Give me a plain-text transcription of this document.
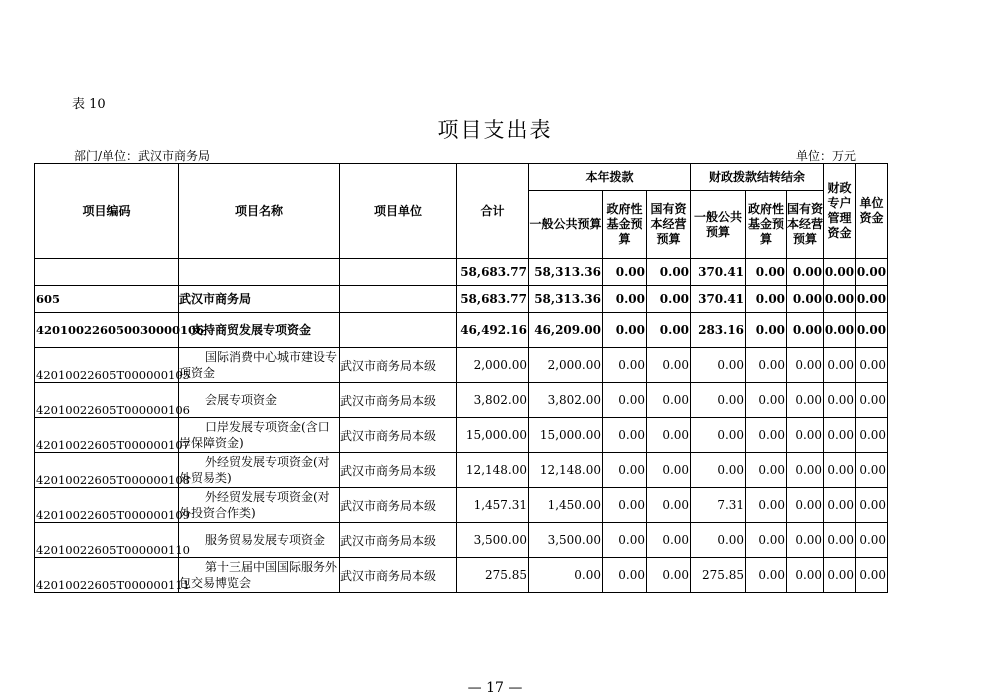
表 10
项目支出表
部门/单位：武汉市商务局	单位：万元
项目编码	项目名称	项目单位	合计	本年拨款			财政拨款结转结余			财政专户管理资金	单位资金
				一般公共预算	政府性基金预算	国有资本经营预算	一般公共预算	政府性基金预算	国有资本经营预算		
			58,683.77	58,313.36	0.00	0.00	370.41	0.00	0.00	0.00	0.00
605	武汉市商务局		58,683.77	58,313.36	0.00	0.00	370.41	0.00	0.00	0.00	0.00
420100226050030000106	支持商贸发展专项资金		46,492.16	46,209.00	0.00	0.00	283.16	0.00	0.00	0.00	0.00
42010022605T000000105	国际消费中心城市建设专项资金	武汉市商务局本级	2,000.00	2,000.00	0.00	0.00	0.00	0.00	0.00	0.00	0.00
42010022605T000000106	会展专项资金	武汉市商务局本级	3,802.00	3,802.00	0.00	0.00	0.00	0.00	0.00	0.00	0.00
42010022605T000000107	口岸发展专项资金(含口岸保障资金)	武汉市商务局本级	15,000.00	15,000.00	0.00	0.00	0.00	0.00	0.00	0.00	0.00
42010022605T000000108	外经贸发展专项资金(对外贸易类)	武汉市商务局本级	12,148.00	12,148.00	0.00	0.00	0.00	0.00	0.00	0.00	0.00
42010022605T000000109	外经贸发展专项资金(对外投资合作类)	武汉市商务局本级	1,457.31	1,450.00	0.00	0.00	7.31	0.00	0.00	0.00	0.00
42010022605T000000110	服务贸易发展专项资金	武汉市商务局本级	3,500.00	3,500.00	0.00	0.00	0.00	0.00	0.00	0.00	0.00
42010022605T000000111	第十三届中国国际服务外包交易博览会	武汉市商务局本级	275.85	0.00	0.00	0.00	275.85	0.00	0.00	0.00	0.00
— 17 —
